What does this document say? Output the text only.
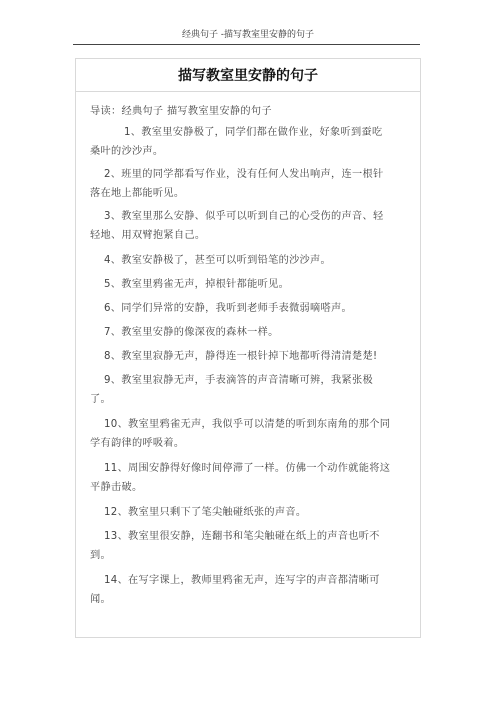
经典句子 -描写教室里安静的句子
描写教室里安静的句子
导读：经典句子 描写教室里安静的句子
1、教室里安静极了，同学们都在做作业，好象听到蚕吃
桑叶的沙沙声。
2、班里的同学都看写作业，没有任何人发出响声，连一根针
落在地上都能听见。
3、教室里那么安静、似乎可以听到自己的心受伤的声音、轻
轻地、用双臂抱紧自己。
4、教室安静极了，甚至可以听到铅笔的沙沙声。
5、教室里鸦雀无声，掉根针都能听见。
6、同学们异常的安静，我听到老师手表微弱嘀嗒声。
7、教室里安静的像深夜的森林一样。
8、教室里寂静无声，静得连一根针掉下地都听得清清楚楚!
9、教室里寂静无声，手表滴答的声音清晰可辨，我紧张极
了。
10、教室里鸦雀无声，我似乎可以清楚的听到东南角的那个同
学有韵律的呼吸着。
11、周围安静得好像时间停滞了一样。仿佛一个动作就能将这
平静击破。
12、教室里只剩下了笔尖触碰纸张的声音。
13、教室里很安静，连翻书和笔尖触碰在纸上的声音也听不
到。
14、在写字课上，教师里鸦雀无声，连写字的声音都清晰可
闻。
